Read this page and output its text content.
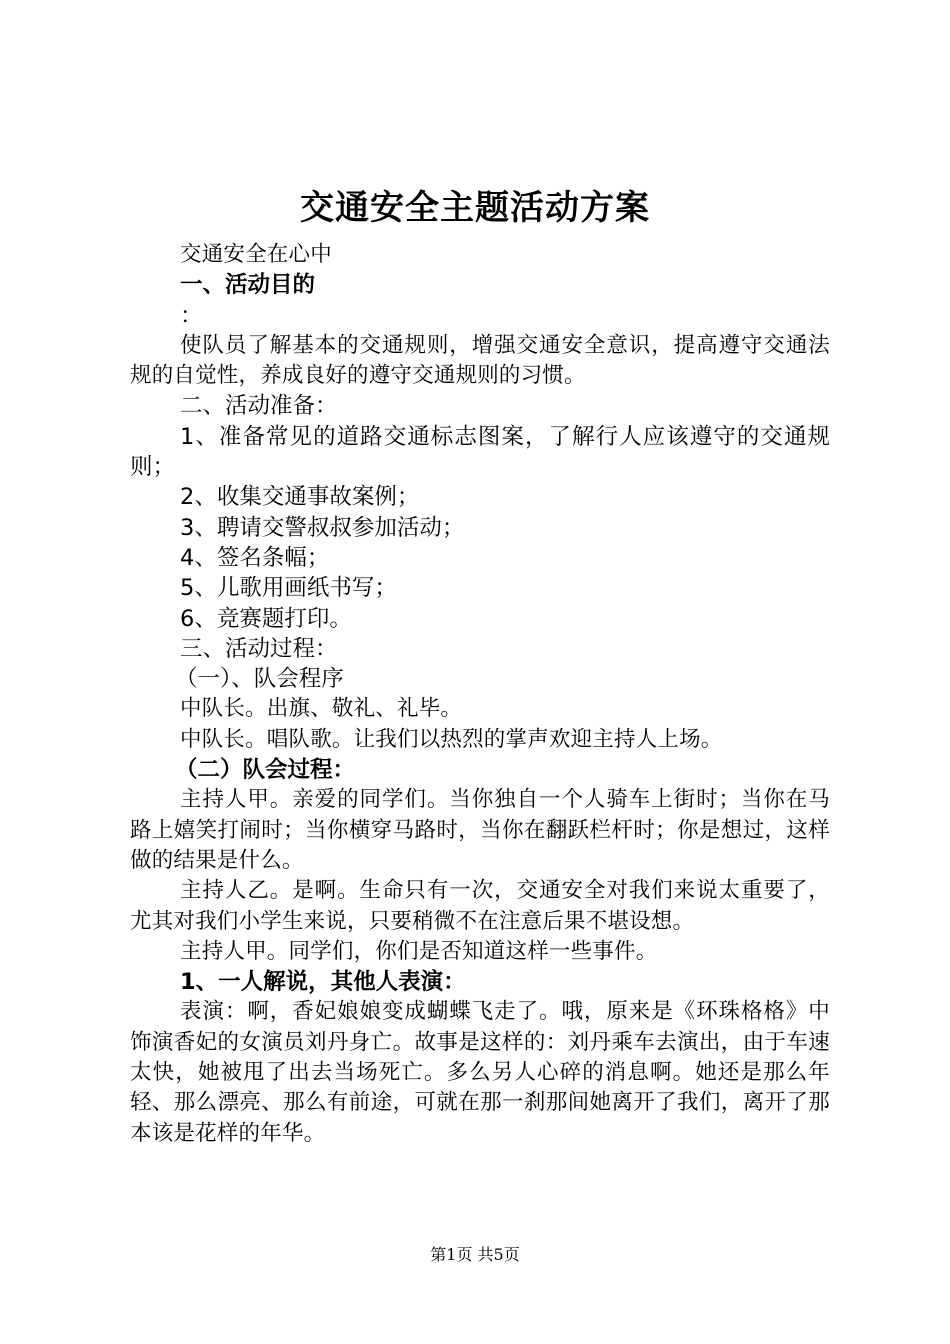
交通安全主题活动方案

交通安全在心中

一、活动目的

：

使队员了解基本的交通规则，增强交通安全意识，提高遵守交通法规的自觉性，养成良好的遵守交通规则的习惯。

二、活动准备：

1、准备常见的道路交通标志图案，了解行人应该遵守的交通规则；

2、收集交通事故案例；

3、聘请交警叔叔参加活动；

4、签名条幅；

5、儿歌用画纸书写；

6、竞赛题打印。

三、活动过程：

（一）、队会程序

中队长。出旗、敬礼、礼毕。

中队长。唱队歌。让我们以热烈的掌声欢迎主持人上场。

（二）队会过程：

主持人甲。亲爱的同学们。当你独自一个人骑车上街时；当你在马路上嬉笑打闹时；当你横穿马路时，当你在翻跃栏杆时；你是想过，这样做的结果是什么。

主持人乙。是啊。生命只有一次，交通安全对我们来说太重要了，尤其对我们小学生来说，只要稍微不在注意后果不堪设想。

主持人甲。同学们，你们是否知道这样一些事件。

1、一人解说，其他人表演：

表演：啊，香妃娘娘变成蝴蝶飞走了。哦，原来是《环珠格格》中饰演香妃的女演员刘丹身亡。故事是这样的：刘丹乘车去演出，由于车速太快，她被甩了出去当场死亡。多么另人心碎的消息啊。她还是那么年轻、那么漂亮、那么有前途，可就在那一刹那间她离开了我们，离开了那本该是花样的年华。

第1页 共5页
